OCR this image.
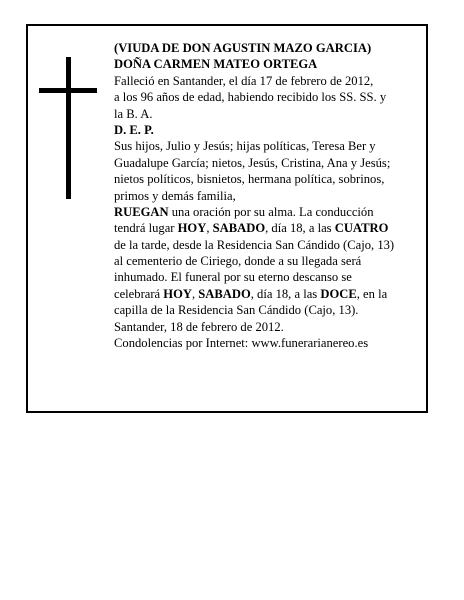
(VIUDA DE DON AGUSTIN MAZO GARCIA)
DOÑA CARMEN MATEO ORTEGA
Falleció en Santander, el día 17 de febrero de 2012,
a los 96 años de edad, habiendo recibido los SS. SS. y
la B. A.
D. E. P.
Sus hijos, Julio y Jesús; hijas políticas, Teresa Ber y
Guadalupe García; nietos, Jesús, Cristina, Ana y Jesús;
nietos políticos, bisnietos, hermana política, sobrinos,
primos y demás familia,
RUEGAN una oración por su alma. La conducción
tendrá lugar HOY, SABADO, día 18, a las CUATRO
de la tarde, desde la Residencia San Cándido (Cajo, 13)
al cementerio de Ciriego, donde a su llegada será
inhumado. El funeral por su eterno descanso se
celebrará HOY, SABADO, día 18, a las DOCE, en la
capilla de la Residencia San Cándido (Cajo, 13).
Santander, 18 de febrero de 2012.
Condolencias por Internet: www.funerarianereo.es
